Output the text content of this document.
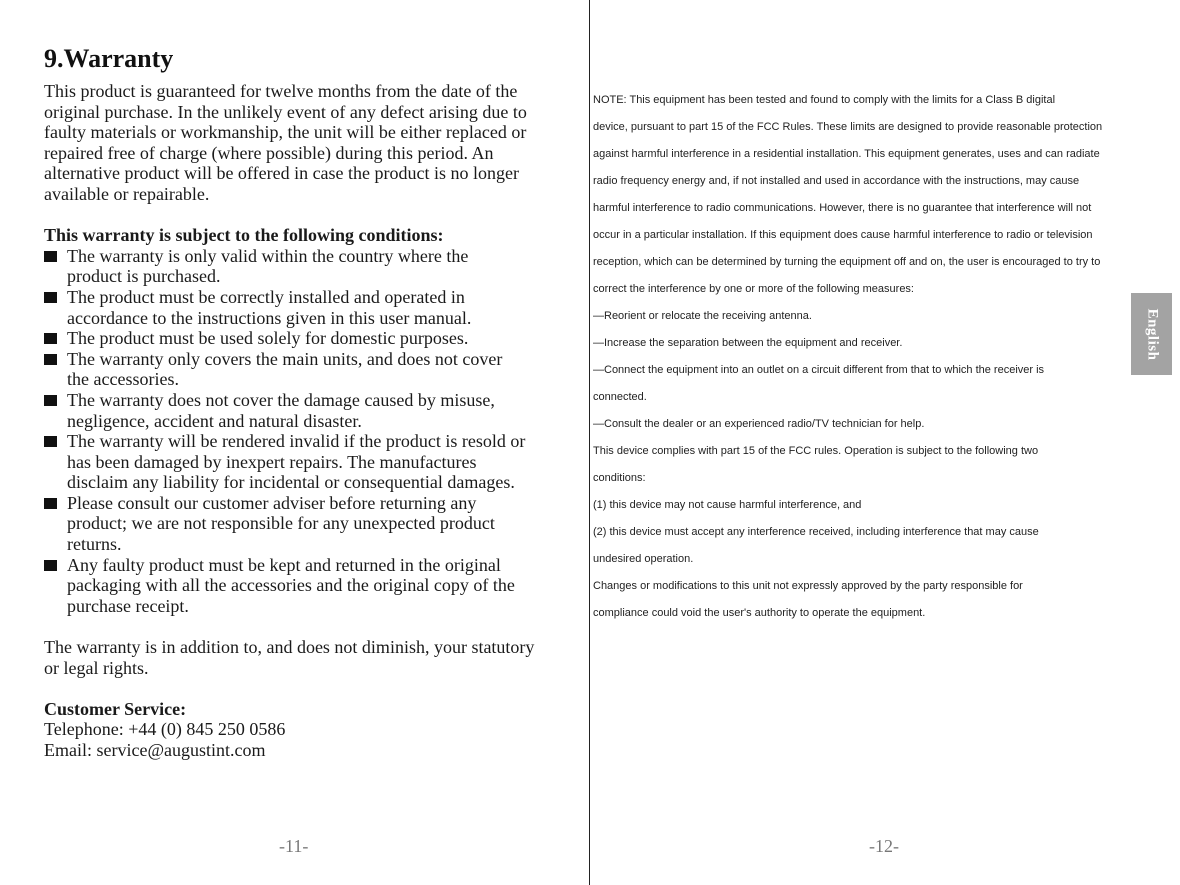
9.Warranty

This product is guaranteed for twelve months from the date of the

original purchase. In the unlikely event of any defect arising due to

faulty materials or workmanship, the unit will be either replaced or

repaired free of charge (where possible) during this period. An

alternative product will be offered in case the product is no longer

available or repairable.

This warranty is subject to the following conditions:

The warranty is only valid within the country where the
product is purchased.
The product must be correctly installed and operated in
accordance to the instructions given in this user manual.
The product must be used solely for domestic purposes.
The warranty only covers the main units, and does not cover
the accessories.
The warranty does not cover the damage caused by misuse,
negligence, accident and natural disaster.
The warranty will be rendered invalid if the product is resold or
has been damaged by inexpert repairs. The manufactures
disclaim any liability for incidental or consequential damages.
Please consult our customer adviser before returning any
product; we are not responsible for any unexpected product
returns.
Any faulty product must be kept and returned in the original
packaging with all the accessories and the original copy of the
purchase receipt.

The warranty is in addition to, and does not diminish, your statutory

or legal rights.

Customer Service:

Telephone: +44 (0) 845 250 0586

Email: service@augustint.com

-11-

NOTE: This equipment has been tested and found to comply with the limits for a Class B digital

device, pursuant to part 15 of the FCC Rules. These limits are designed to provide reasonable protection

against harmful interference in a residential installation. This equipment generates, uses and can radiate

radio frequency energy and, if not installed and used in accordance with the instructions, may cause

harmful interference to radio communications. However, there is no guarantee that interference will not

occur in a particular installation. If this equipment does cause harmful interference to radio or television

reception, which can be determined by turning the equipment off and on, the user is encouraged to try to

correct the interference by one or more of the following measures:

—Reorient or relocate the receiving antenna.

—Increase the separation between the equipment and receiver.

—Connect the equipment into an outlet on a circuit different from that to which the receiver is

connected.

—Consult the dealer or an experienced radio/TV technician for help.

This device complies with part 15 of the FCC rules. Operation is subject to the following two

conditions:

(1) this device may not cause harmful interference, and

(2) this device must accept any interference received, including interference that may cause

undesired operation.

Changes or modifications to this unit not expressly approved by the party responsible for

compliance could void the user's authority to operate the equipment.

English
-12-
